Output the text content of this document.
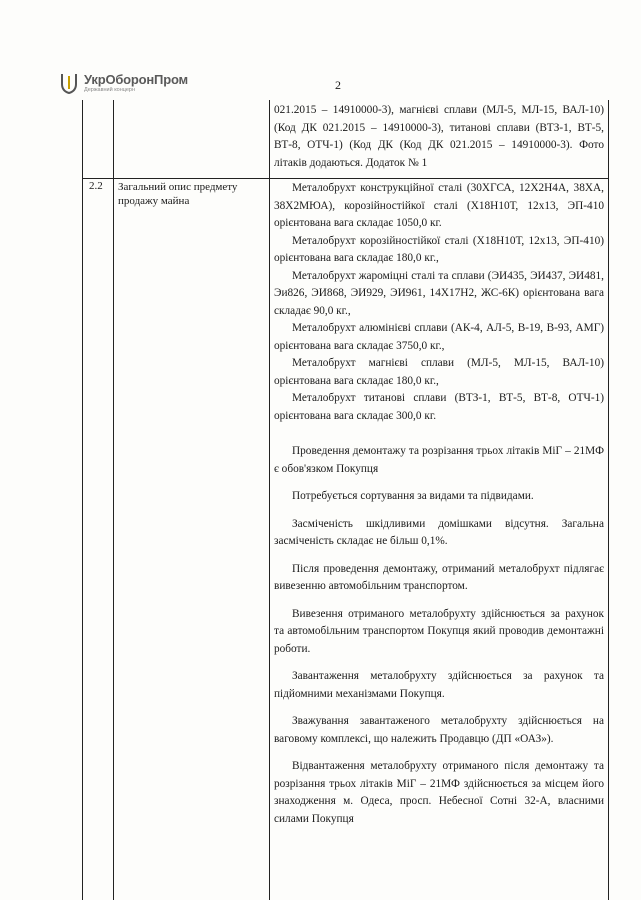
УкрОборонПром
Державний концерн	2

021.2015 – 14910000-3), магнієві сплави (МЛ-5, МЛ-15, ВАЛ-10) (Код ДК 021.2015 – 14910000-3), титанові сплави (ВТЗ-1, ВТ-5, ВТ-8, ОТЧ-1) (Код ДК (Код ДК 021.2015 – 14910000-3). Фото літаків додаються. Додаток № 1

2.2 Загальний опис предмету продажу майна

Металобрухт конструкційної сталі (30ХГСА, 12Х2Н4А, 38ХА, 38Х2МЮА), корозійностійкої сталі (Х18Н10Т, 12х13, ЭП-410 орієнтована вага складає 1050,0 кг.

Металобрухт корозійностійкої сталі (Х18Н10Т, 12х13, ЭП-410) орієнтована вага складає 180,0 кг.,

Металобрухт жароміцні сталі та сплави (ЭИ435, ЭИ437, ЭИ481, Эи826, ЭИ868, ЭИ929, ЭИ961, 14Х17Н2, ЖС-6К) орієнтована вага складає 90,0 кг.,

Металобрухт алюмінієві сплави (АК-4, АЛ-5, В-19, В-93, АМГ) орієнтована вага складає 3750,0 кг.,

Металобрухт магнієві сплави (МЛ-5, МЛ-15, ВАЛ-10) орієнтована вага складає 180,0 кг.,

Металобрухт титанові сплави (ВТЗ-1, ВТ-5, ВТ-8, ОТЧ-1) орієнтована вага складає 300,0 кг.

Проведення демонтажу та розрізання трьох літаків МіГ – 21МФ є обов'язком Покупця

Потребується сортування за видами та підвидами.

Засміченість шкідливими домішками відсутня. Загальна засміченість складає не більш 0,1%.

Після проведення демонтажу, отриманий металобрухт підлягає вивезенню автомобільним транспортом.

Вивезення отриманого металобрухту здійснюється за рахунок та автомобільним транспортом Покупця який проводив демонтажні роботи.

Завантаження металобрухту здійснюється за рахунок та підйомними механізмами Покупця.

Зважування завантаженого металобрухту здійснюється на ваговому комплексі, що належить Продавцю (ДП «ОАЗ»).

Відвантаження металобрухту отриманого після демонтажу та розрізання трьох літаків МіГ – 21МФ здійснюється за місцем його знаходження м. Одеса, просп. Небесної Сотні 32-А, власними силами Покупця
